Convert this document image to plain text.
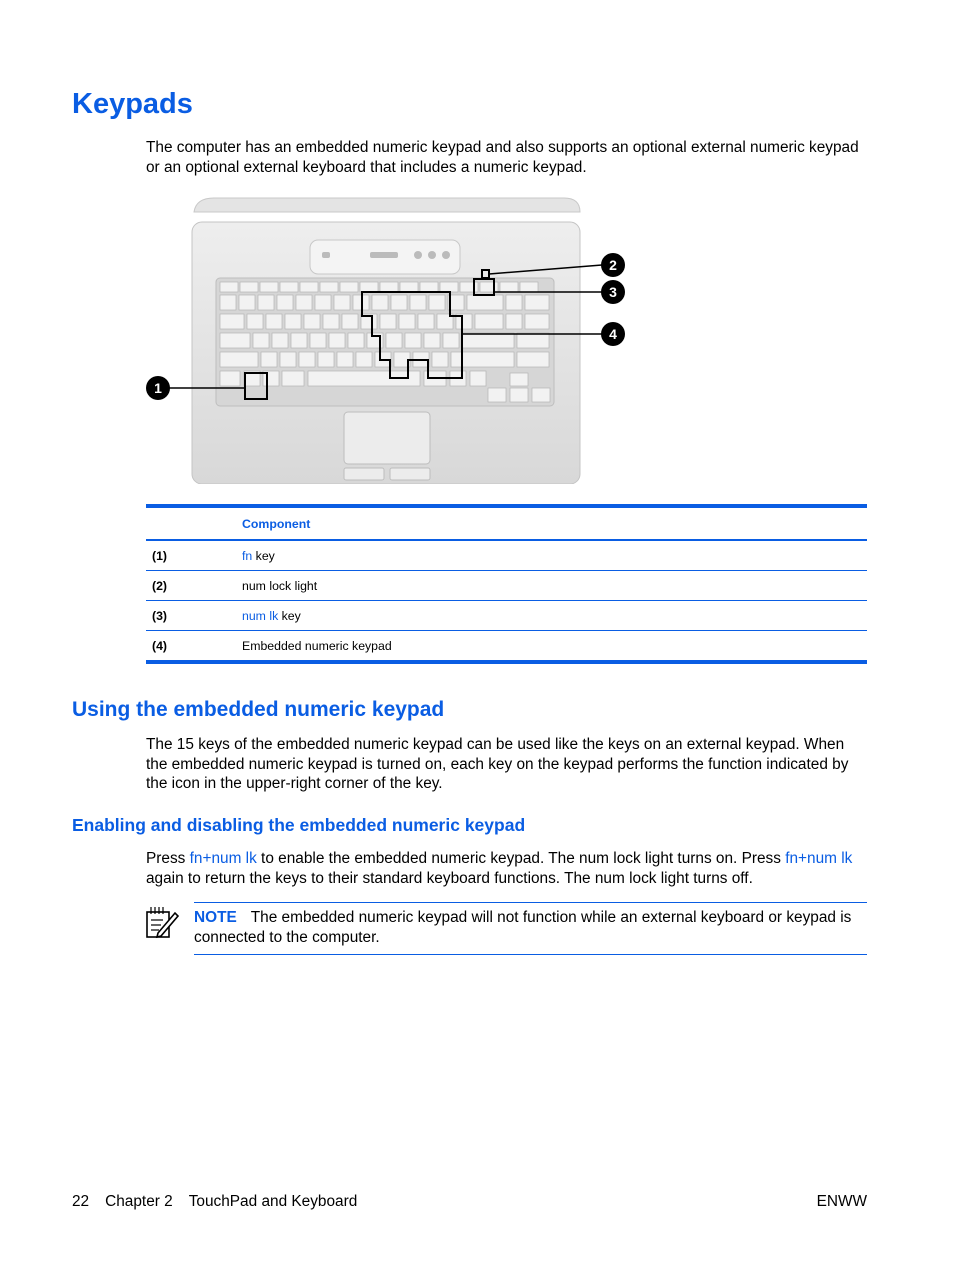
Keypads

The computer has an embedded numeric keypad and also supports an optional external numeric keypad or an optional external keyboard that includes a numeric keypad.

1
2
3
4
	Component
(1)	fn key
(2)	num lock light
(3)	num lk key
(4)	Embedded numeric keypad
Using the embedded numeric keypad

The 15 keys of the embedded numeric keypad can be used like the keys on an external keypad. When the embedded numeric keypad is turned on, each key on the keypad performs the function indicated by the icon in the upper-right corner of the key.

Enabling and disabling the embedded numeric keypad

Press fn+num lk to enable the embedded numeric keypad. The num lock light turns on. Press fn+num lk again to return the keys to their standard keyboard functions. The num lock light turns off.

NOTE The embedded numeric keypad will not function while an external keyboard or keypad is connected to the computer.
22 Chapter 2 TouchPad and Keyboard	ENWW
